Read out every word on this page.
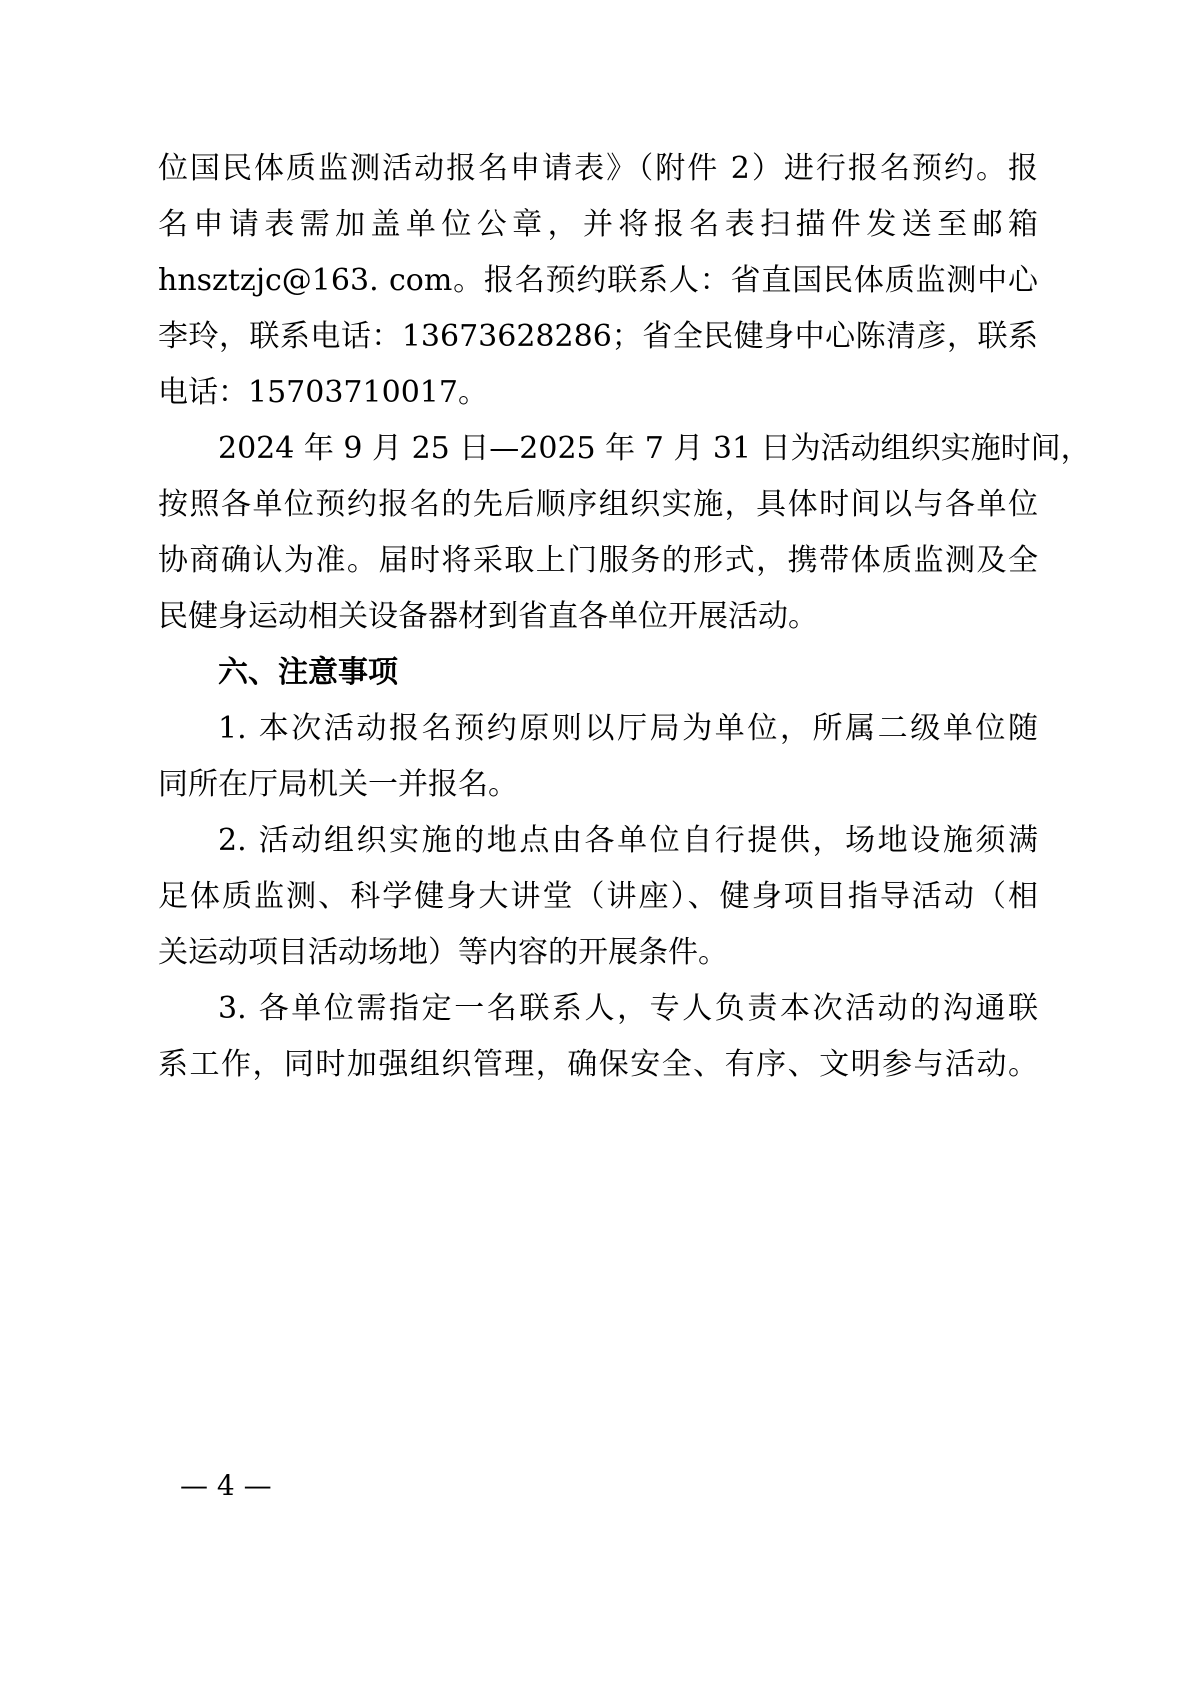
位国民体质监测活动报名申请表》（附件 2）进行报名预约。报
名申请表需加盖单位公章，并将报名表扫描件发送至邮箱
hnsztzjc@163. com。报名预约联系人：省直国民体质监测中心
李玲，联系电话：13673628286；省全民健身中心陈清彦，联系
电话：15703710017。
2024 年 9 月 25 日—2025 年 7 月 31 日为活动组织实施时间，
按照各单位预约报名的先后顺序组织实施，具体时间以与各单位
协商确认为准。届时将采取上门服务的形式，携带体质监测及全
民健身运动相关设备器材到省直各单位开展活动。
六、注意事项
1. 本次活动报名预约原则以厅局为单位，所属二级单位随
同所在厅局机关一并报名。
2. 活动组织实施的地点由各单位自行提供，场地设施须满
足体质监测、科学健身大讲堂（讲座）、健身项目指导活动（相
关运动项目活动场地）等内容的开展条件。
3. 各单位需指定一名联系人，专人负责本次活动的沟通联
系工作，同时加强组织管理，确保安全、有序、文明参与活动。
— 4 —
